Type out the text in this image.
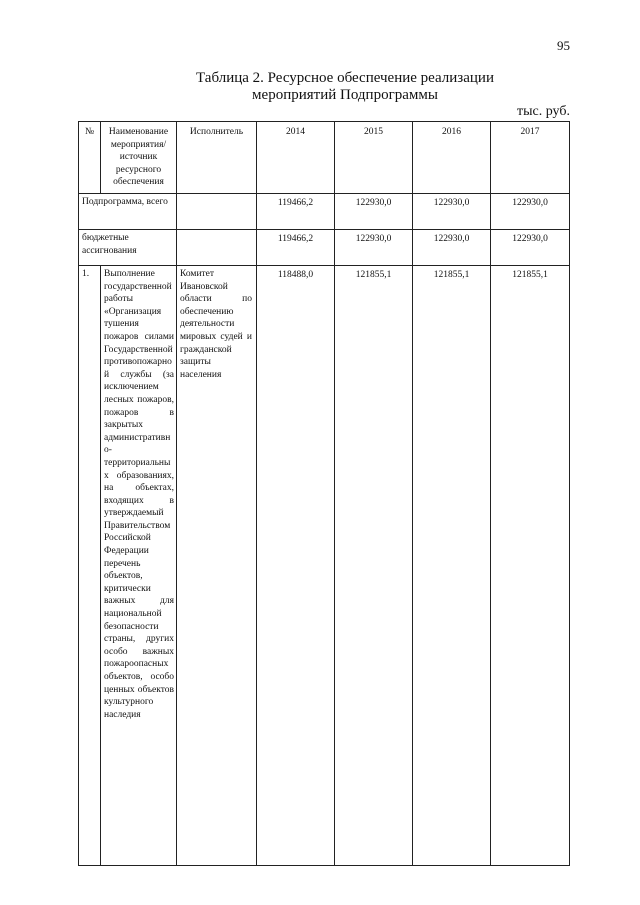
95
Таблица 2. Ресурсное обеспечение реализации
мероприятий Подпрограммы
тыс. руб.
№	Наименование мероприятия/ источник ресурсного обеспечения	Исполнитель	2014	2015	2016	2017
Подпрограмма, всего			119466,2	122930,0	122930,0	122930,0
бюджетные ассигнования			119466,2	122930,0	122930,0	122930,0
1.	Выполнение государственной работы «Организация тушения пожаров силами Государственной противопожарной службы (за исключением лесных пожаров, пожаров в закрытых административно-территориальных образованиях, на объектах, входящих в утверждаемый Правительством Российской Федерации перечень объектов, критически важных для национальной безопасности страны, других особо важных пожароопасных объектов, особо ценных объектов культурного наследия	Комитет Ивановской области по обеспечению деятельности мировых судей и гражданской защиты населения	118488,0	121855,1	121855,1	121855,1
